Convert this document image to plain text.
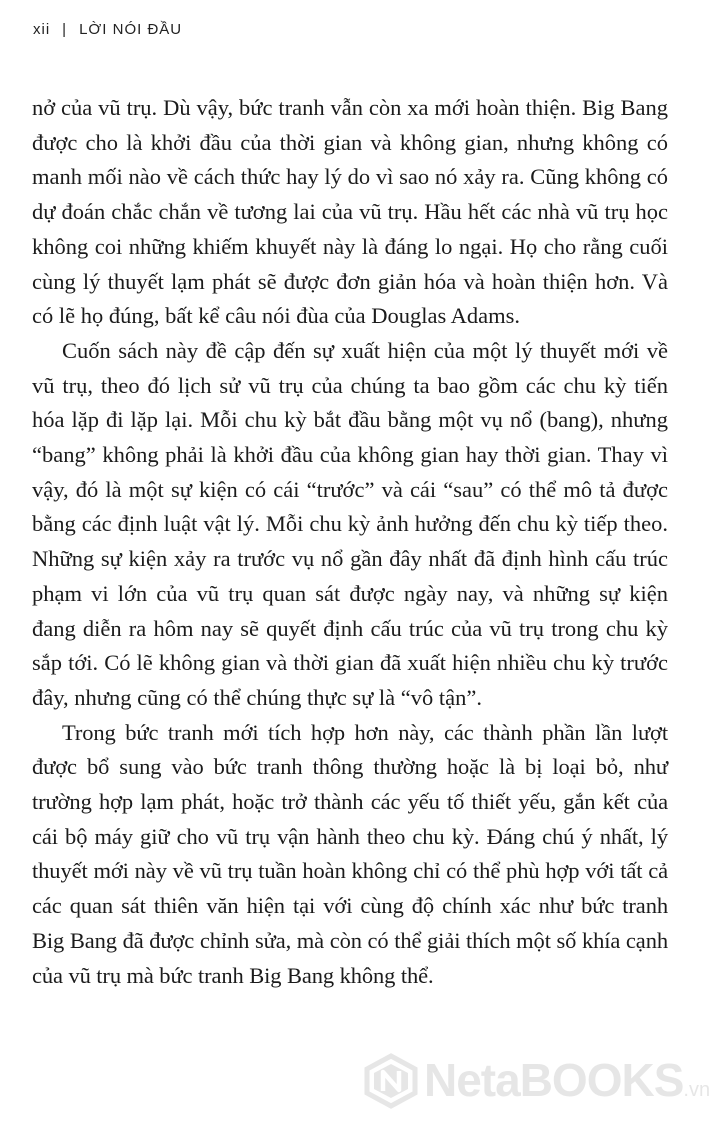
xii | LỜI NÓI ĐẦU

nở của vũ trụ. Dù vậy, bức tranh vẫn còn xa mới hoàn thiện. Big Bang được cho là khởi đầu của thời gian và không gian, nhưng không có manh mối nào về cách thức hay lý do vì sao nó xảy ra. Cũng không có dự đoán chắc chắn về tương lai của vũ trụ. Hầu hết các nhà vũ trụ học không coi những khiếm khuyết này là đáng lo ngại. Họ cho rằng cuối cùng lý thuyết lạm phát sẽ được đơn giản hóa và hoàn thiện hơn. Và có lẽ họ đúng, bất kể câu nói đùa của Douglas Adams.

Cuốn sách này đề cập đến sự xuất hiện của một lý thuyết mới về vũ trụ, theo đó lịch sử vũ trụ của chúng ta bao gồm các chu kỳ tiến hóa lặp đi lặp lại. Mỗi chu kỳ bắt đầu bằng một vụ nổ (bang), nhưng “bang” không phải là khởi đầu của không gian hay thời gian. Thay vì vậy, đó là một sự kiện có cái “trước” và cái “sau” có thể mô tả được bằng các định luật vật lý. Mỗi chu kỳ ảnh hưởng đến chu kỳ tiếp theo. Những sự kiện xảy ra trước vụ nổ gần đây nhất đã định hình cấu trúc phạm vi lớn của vũ trụ quan sát được ngày nay, và những sự kiện đang diễn ra hôm nay sẽ quyết định cấu trúc của vũ trụ trong chu kỳ sắp tới. Có lẽ không gian và thời gian đã xuất hiện nhiều chu kỳ trước đây, nhưng cũng có thể chúng thực sự là “vô tận”.

Trong bức tranh mới tích hợp hơn này, các thành phần lần lượt được bổ sung vào bức tranh thông thường hoặc là bị loại bỏ, như trường hợp lạm phát, hoặc trở thành các yếu tố thiết yếu, gắn kết của cái bộ máy giữ cho vũ trụ vận hành theo chu kỳ. Đáng chú ý nhất, lý thuyết mới này về vũ trụ tuần hoàn không chỉ có thể phù hợp với tất cả các quan sát thiên văn hiện tại với cùng độ chính xác như bức tranh Big Bang đã được chỉnh sửa, mà còn có thể giải thích một số khía cạnh của vũ trụ mà bức tranh Big Bang không thể.

NetaBOOKS.vn
